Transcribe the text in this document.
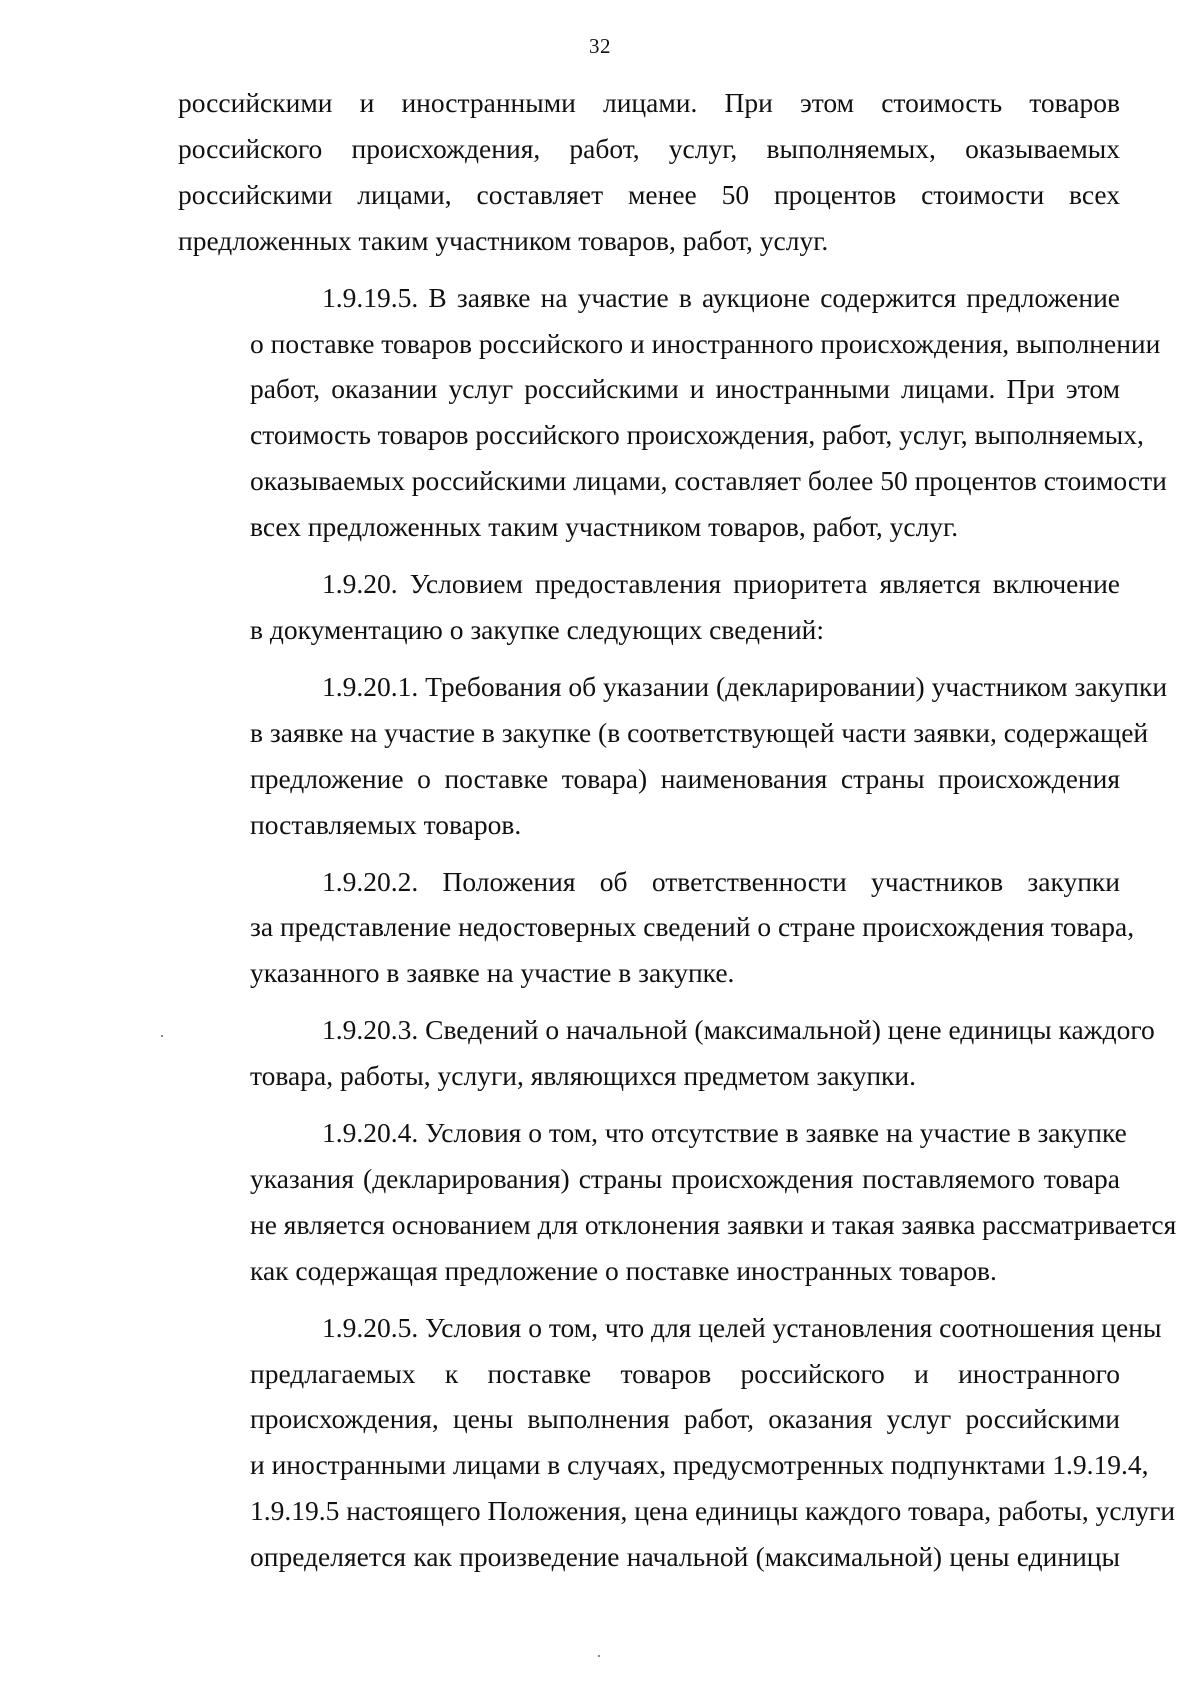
32
российскими и иностранными лицами. При этом стоимость товаров
российского происхождения, работ, услуг, выполняемых, оказываемых
российскими лицами, составляет менее 50 процентов стоимости всех
предложенных таким участником товаров, работ, услуг.
1.9.19.5. В заявке на участие в аукционе содержится предложение
о поставке товаров российского и иностранного происхождения, выполнении
работ, оказании услуг российскими и иностранными лицами. При этом
стоимость товаров российского происхождения, работ, услуг, выполняемых,
оказываемых российскими лицами, составляет более 50 процентов стоимости
всех предложенных таким участником товаров, работ, услуг.
1.9.20. Условием предоставления приоритета является включение
в документацию о закупке следующих сведений:
1.9.20.1. Требования об указании (декларировании) участником закупки
в заявке на участие в закупке (в соответствующей части заявки, содержащей
предложение о поставке товара) наименования страны происхождения
поставляемых товаров.
1.9.20.2. Положения об ответственности участников закупки
за представление недостоверных сведений о стране происхождения товара,
указанного в заявке на участие в закупке.
1.9.20.3. Сведений о начальной (максимальной) цене единицы каждого
товара, работы, услуги, являющихся предметом закупки.
1.9.20.4. Условия о том, что отсутствие в заявке на участие в закупке
указания (декларирования) страны происхождения поставляемого товара
не является основанием для отклонения заявки и такая заявка рассматривается
как содержащая предложение о поставке иностранных товаров.
1.9.20.5. Условия о том, что для целей установления соотношения цены
предлагаемых к поставке товаров российского и иностранного
происхождения, цены выполнения работ, оказания услуг российскими
и иностранными лицами в случаях, предусмотренных подпунктами 1.9.19.4,
1.9.19.5 настоящего Положения, цена единицы каждого товара, работы, услуги
определяется как произведение начальной (максимальной) цены единицы
